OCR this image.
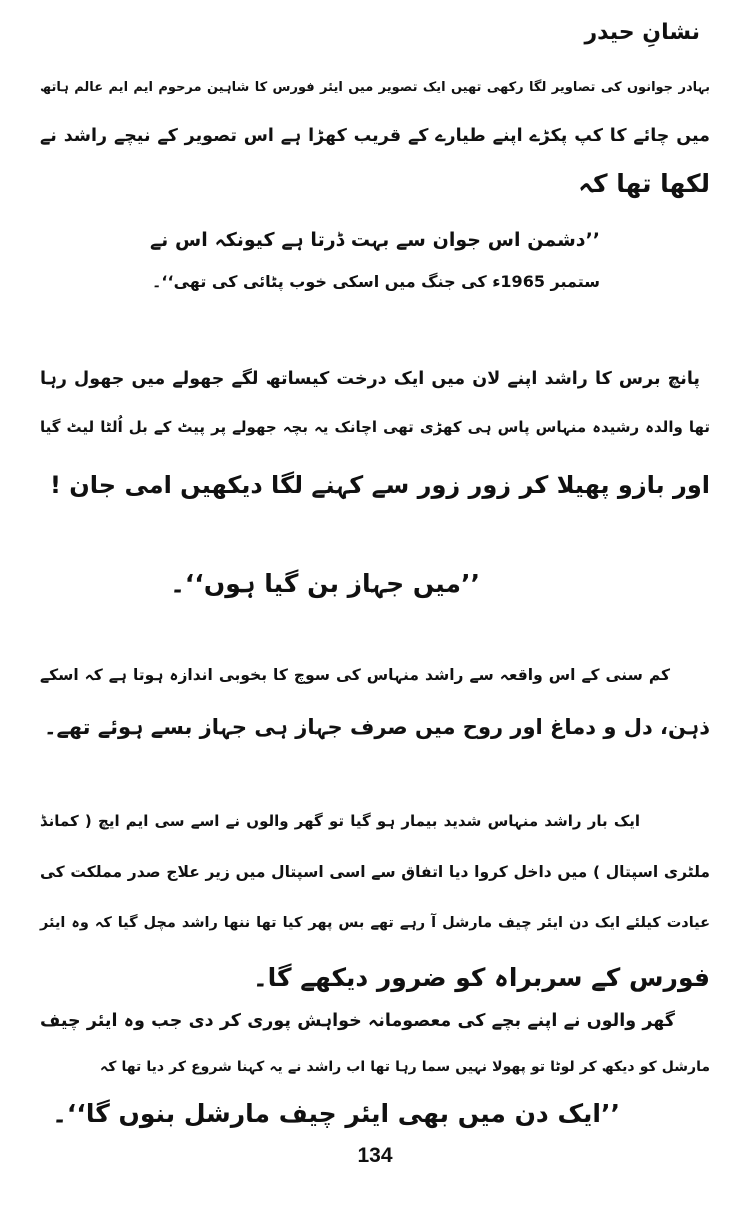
نشانِ حیدر
بہادر جوانوں کی تصاویر لگا رکھی تھیں ایک تصویر میں ایئر فورس کا شاہین مرحوم ایم ایم عالم ہاتھ
میں چائے کا کپ پکڑے اپنے طیارے کے قریب کھڑا ہے اس تصویر کے نیچے راشد نے
لکھا تھا کہ
’’دشمن اس جوان سے بہت ڈرتا ہے کیونکہ اس نے
ستمبر 1965ء کی جنگ میں اسکی خوب پٹائی کی تھی‘‘۔
پانچ برس کا راشد اپنے لان میں ایک درخت کیساتھ لگے جھولے میں جھول رہا
تھا والدہ رشیدہ منہاس پاس ہی کھڑی تھی اچانک یہ بچہ جھولے پر پیٹ کے بل اُلٹا لیٹ گیا
اور بازو پھیلا کر زور زور سے کہنے لگا دیکھیں امی جان !
’’میں جہاز بن گیا ہوں‘‘۔
کم سنی کے اس واقعہ سے راشد منہاس کی سوچ کا بخوبی اندازہ ہوتا ہے کہ اسکے
ذہن، دل و دماغ اور روح میں صرف جہاز ہی جہاز بسے ہوئے تھے۔
ایک بار راشد منہاس شدید بیمار ہو گیا تو گھر والوں نے اسے سی ایم ایچ ( کمانڈ
ملٹری اسپتال ) میں داخل کروا دیا اتفاق سے اسی اسپتال میں زیر علاج صدر مملکت کی
عیادت کیلئے ایک دن ایئر چیف مارشل آ رہے تھے بس پھر کیا تھا ننھا راشد مچل گیا کہ وہ ایئر
فورس کے سربراہ کو ضرور دیکھے گا۔
گھر والوں نے اپنے بچے کی معصومانہ خواہش پوری کر دی جب وہ ایئر چیف
مارشل کو دیکھ کر لوٹا تو پھولا نہیں سما رہا تھا اب راشد نے یہ کہنا شروع کر دیا تھا کہ
’’ایک دن میں بھی ایئر چیف مارشل بنوں گا‘‘۔
134
